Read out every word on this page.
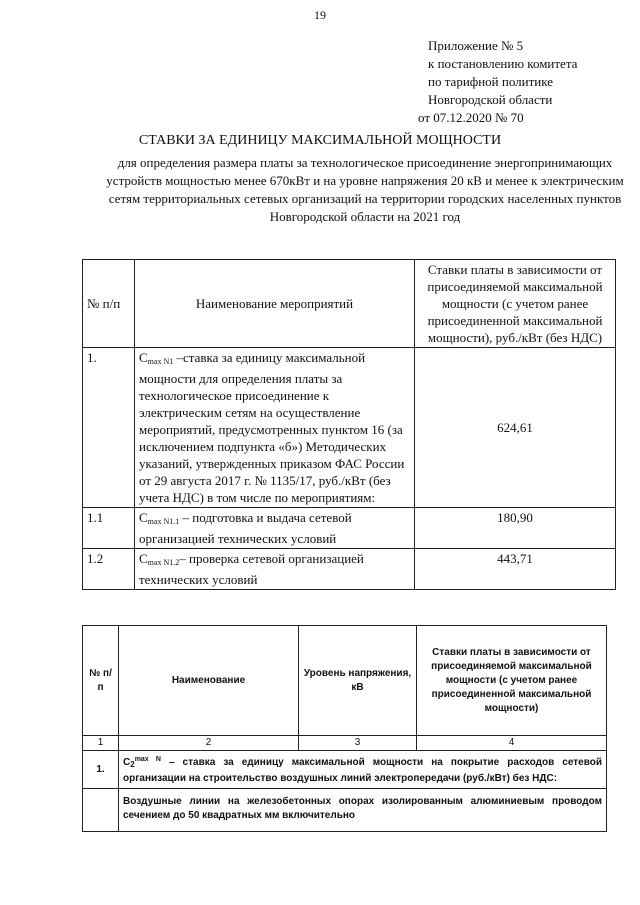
19
Приложение № 5
к постановлению комитета
по тарифной политике
Новгородской области
от 07.12.2020 № 70
СТАВКИ ЗА ЕДИНИЦУ МАКСИМАЛЬНОЙ МОЩНОСТИ
для определения размера платы за технологическое присоединение энергопринимающих устройств мощностью менее 670кВт и на уровне напряжения 20 кВ и менее к электрическим сетям территориальных сетевых организаций на территории городских населенных пунктов Новгородской области на 2021 год
№ п/п	Наименование мероприятий	Ставки платы в зависимости от присоединяемой максимальной мощности (с учетом ранее присоединенной максимальной мощности), руб./кВт (без НДС)
1.	$С_{max N1}$ –ставка за единицу максимальной мощности для определения платы за технологическое присоединение к электрическим сетям на осуществление мероприятий, предусмотренных пунктом 16 (за исключением подпункта «б») Методических указаний, утвержденных приказом ФАС России от 29 августа 2017 г. № 1135/17, руб./кВт (без учета НДС) в том числе по мероприятиям:	624,61
1.1	$С_{max N1.1}$ – подготовка и выдача сетевой организацией технических условий	180,90
1.2	$С_{max N1.2}-$ проверка сетевой организацией технических условий	443,71
№ п/п	Наименование	Уровень напряжения, кВ	Ставки платы в зависимости от присоединяемой максимальной мощности (с учетом ранее присоединенной максимальной мощности)
1	2	3	4
1.	$С_2^{max N}$ – ставка за единицу максимальной мощности на покрытие расходов сетевой организации на строительство воздушных линий электропередачи (руб./кВт) без НДС:		
	Воздушные линии на железобетонных опорах изолированным алюминиевым проводом сечением до 50 квадратных мм включительно		
